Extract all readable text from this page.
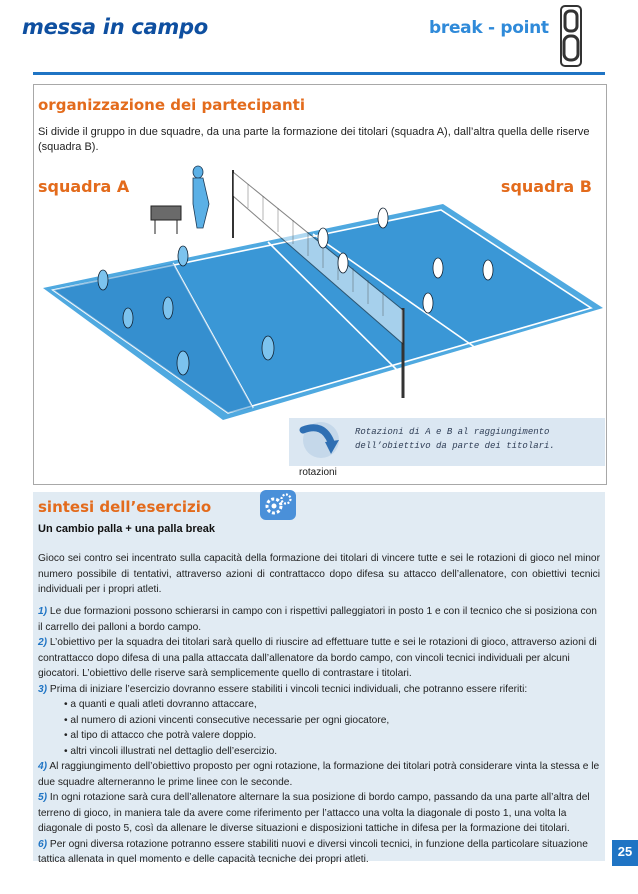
messa in campo	break - point
organizzazione dei partecipanti
Si divide il gruppo in due squadre, da una parte la formazione dei titolari (squadra A), dall’altra quella delle riserve (squadra B).
squadra A	squadra B
Rotazioni di A e B al raggiungimento dell’obiettivo da parte dei titolari.
rotazioni
sintesi dell’esercizio
Un cambio palla + una palla break
Gioco sei contro sei incentrato sulla capacità della formazione dei titolari di vincere tutte e sei le rotazioni di gioco nel minor numero possibile di tentativi, attraverso azioni di contrattacco dopo difesa su attacco dell’allenatore, con obiettivi tecnici individuali per i propri atleti.
1) Le due formazioni possono schierarsi in campo con i rispettivi palleggiatori in posto 1 e con il tecnico che si posiziona con il carrello dei palloni a bordo campo.
2) L’obiettivo per la squadra dei titolari sarà quello di riuscire ad effettuare tutte e sei le rotazioni di gioco, attraverso azioni di contrattacco dopo difesa di una palla attaccata dall’allenatore da bordo campo, con vincoli tecnici individuali per alcuni giocatori. L’obiettivo delle riserve sarà semplicemente quello di contrastare i titolari.
3) Prima di iniziare l’esercizio dovranno essere stabiliti i vincoli tecnici individuali, che potranno essere riferiti:
• a quanti e quali atleti dovranno attaccare,
• al numero di azioni vincenti consecutive necessarie per ogni giocatore,
• al tipo di attacco che potrà valere doppio.
• altri vincoli illustrati nel dettaglio dell’esercizio.
4) Al raggiungimento dell’obiettivo proposto per ogni rotazione, la formazione dei titolari potrà considerare vinta la stessa e le due squadre alterneranno le prime linee con le seconde.
5) In ogni rotazione sarà cura dell’allenatore alternare la sua posizione di bordo campo, passando da una parte all’altra del terreno di gioco, in maniera tale da avere come riferimento per l’attacco una volta la diagonale di posto 1, una volta la diagonale di posto 5, così da allenare le diverse situazioni e disposizioni tattiche in difesa per la formazione dei titolari.
6) Per ogni diversa rotazione potranno essere stabiliti nuovi e diversi vincoli tecnici, in funzione della particolare situazione tattica allenata in quel momento e delle capacità tecniche dei propri atleti.
25
